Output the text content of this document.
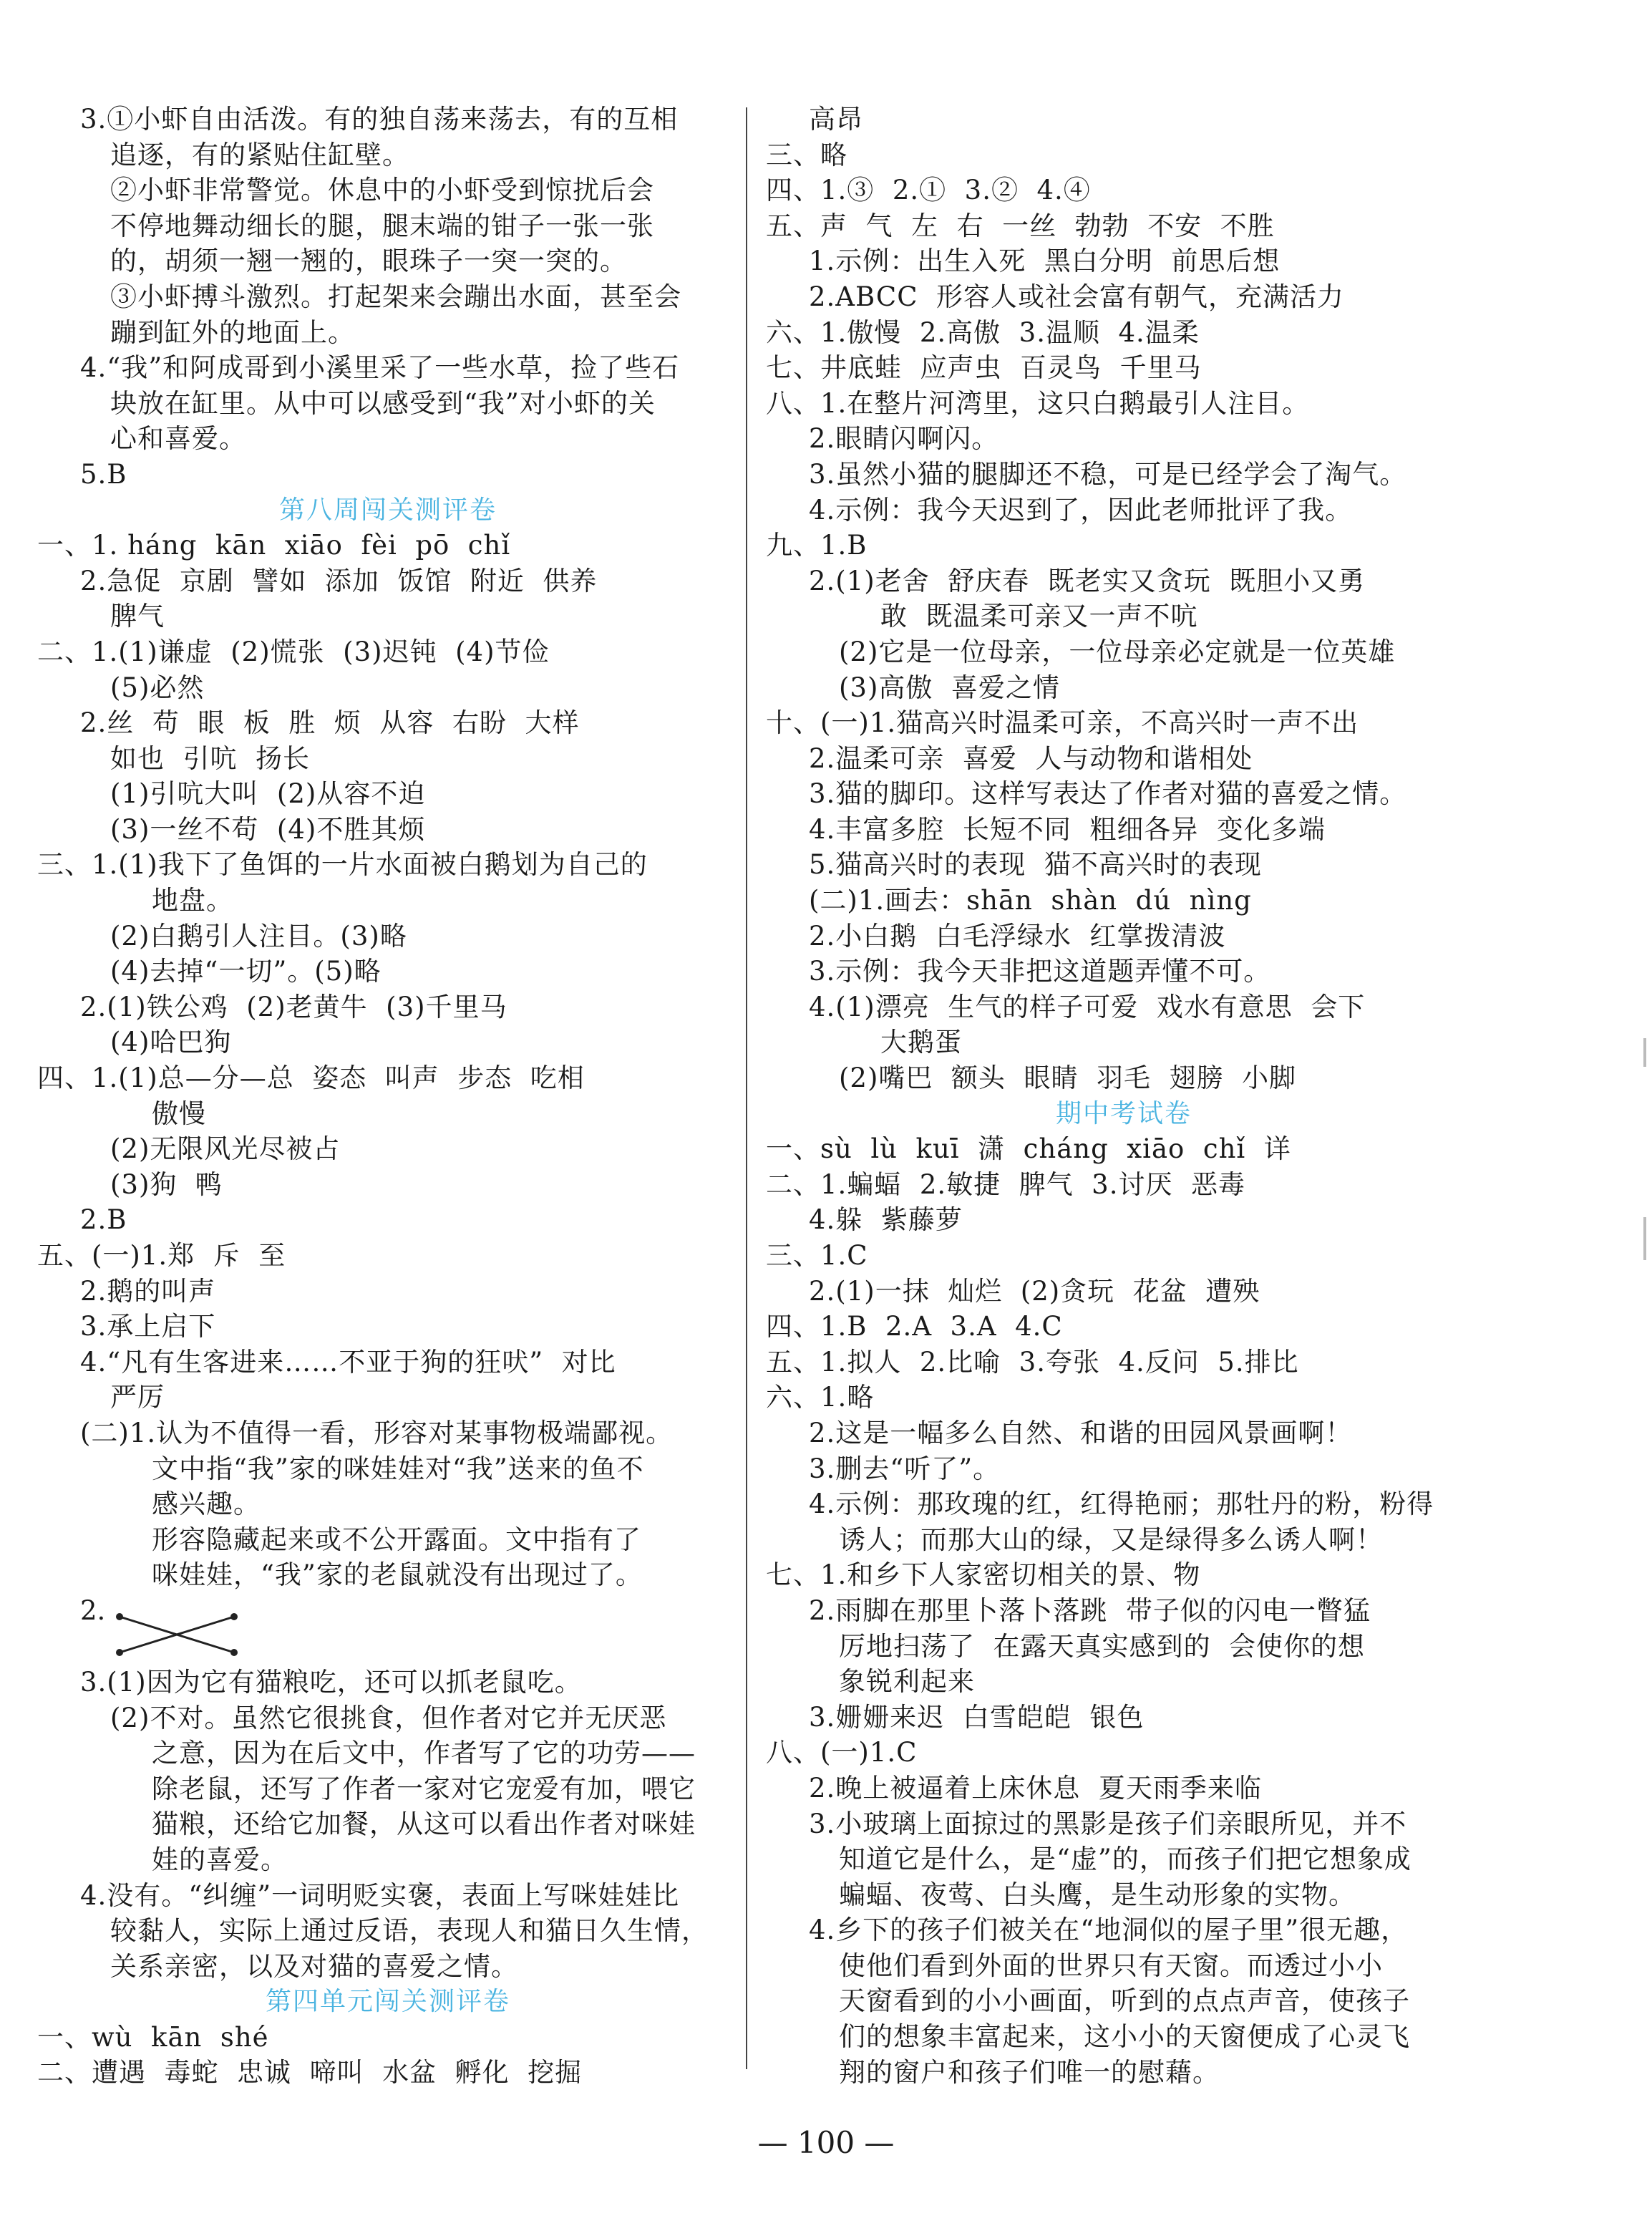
3.①小虾自由活泼。有的独自荡来荡去，有的互相
追逐，有的紧贴住缸壁。
②小虾非常警觉。休息中的小虾受到惊扰后会
不停地舞动细长的腿，腿末端的钳子一张一张
的，胡须一翘一翘的，眼珠子一突一突的。
③小虾搏斗激烈。打起架来会蹦出水面，甚至会
蹦到缸外的地面上。
4.“我”和阿成哥到小溪里采了一些水草，捡了些石
块放在缸里。从中可以感受到“我”对小虾的关
心和喜爱。
5.B
第八周闯关测评卷
一、1. háng  kān  xiāo  fèi  pō  chǐ
2.急促  京剧  譬如  添加  饭馆  附近  供养
脾气
二、1.(1)谦虚  (2)慌张  (3)迟钝  (4)节俭
(5)必然
2.丝  苟  眼  板  胜  烦  从容  右盼  大样
如也  引吭  扬长
(1)引吭大叫  (2)从容不迫
(3)一丝不苟  (4)不胜其烦
三、1.(1)我下了鱼饵的一片水面被白鹅划为自己的
地盘。
(2)白鹅引人注目。(3)略
(4)去掉“一切”。(5)略
2.(1)铁公鸡  (2)老黄牛  (3)千里马
(4)哈巴狗
四、1.(1)总—分—总  姿态  叫声  步态  吃相
傲慢
(2)无限风光尽被占
(3)狗  鸭
2.B
五、(一)1.郑  斥  至
2.鹅的叫声
3.承上启下
4.“凡有生客进来……不亚于狗的狂吠”  对比
严厉
(二)1.认为不值得一看，形容对某事物极端鄙视。
文中指“我”家的咪娃娃对“我”送来的鱼不
感兴趣。
形容隐藏起来或不公开露面。文中指有了
咪娃娃，“我”家的老鼠就没有出现过了。
2.
3.(1)因为它有猫粮吃，还可以抓老鼠吃。
(2)不对。虽然它很挑食，但作者对它并无厌恶
之意，因为在后文中，作者写了它的功劳——
除老鼠，还写了作者一家对它宠爱有加，喂它
猫粮，还给它加餐，从这可以看出作者对咪娃
娃的喜爱。
4.没有。“纠缠”一词明贬实褒，表面上写咪娃娃比
较黏人，实际上通过反语，表现人和猫日久生情，
关系亲密，以及对猫的喜爱之情。
第四单元闯关测评卷
一、wù  kān  shé
二、遭遇  毒蛇  忠诚  啼叫  水盆  孵化  挖掘
高昂
三、略
四、1.③  2.①  3.②  4.④
五、声  气  左  右  一丝  勃勃  不安  不胜
1.示例：出生入死  黑白分明  前思后想
2.ABCC  形容人或社会富有朝气，充满活力
六、1.傲慢  2.高傲  3.温顺  4.温柔
七、井底蛙  应声虫  百灵鸟  千里马
八、1.在整片河湾里，这只白鹅最引人注目。
2.眼睛闪啊闪。
3.虽然小猫的腿脚还不稳，可是已经学会了淘气。
4.示例：我今天迟到了，因此老师批评了我。
九、1.B
2.(1)老舍  舒庆春  既老实又贪玩  既胆小又勇
敢  既温柔可亲又一声不吭
(2)它是一位母亲，一位母亲必定就是一位英雄
(3)高傲  喜爱之情
十、(一)1.猫高兴时温柔可亲，不高兴时一声不出
2.温柔可亲  喜爱  人与动物和谐相处
3.猫的脚印。这样写表达了作者对猫的喜爱之情。
4.丰富多腔  长短不同  粗细各异  变化多端
5.猫高兴时的表现  猫不高兴时的表现
(二)1.画去：shān  shàn  dú  nìng
2.小白鹅  白毛浮绿水  红掌拨清波
3.示例：我今天非把这道题弄懂不可。
4.(1)漂亮  生气的样子可爱  戏水有意思  会下
大鹅蛋
(2)嘴巴  额头  眼睛  羽毛  翅膀  小脚
期中考试卷
一、sù  lù  kuī  潇  cháng  xiāo  chǐ  详
二、1.蝙蝠  2.敏捷  脾气  3.讨厌  恶毒
4.躲  紫藤萝
三、1.C
2.(1)一抹  灿烂  (2)贪玩  花盆  遭殃
四、1.B  2.A  3.A  4.C
五、1.拟人  2.比喻  3.夸张  4.反问  5.排比
六、1.略
2.这是一幅多么自然、和谐的田园风景画啊！
3.删去“听了”。
4.示例：那玫瑰的红，红得艳丽；那牡丹的粉，粉得
诱人；而那大山的绿，又是绿得多么诱人啊！
七、1.和乡下人家密切相关的景、物
2.雨脚在那里卜落卜落跳  带子似的闪电一瞥猛
厉地扫荡了  在露天真实感到的  会使你的想
象锐利起来
3.姗姗来迟  白雪皑皑  银色
八、(一)1.C
2.晚上被逼着上床休息  夏天雨季来临
3.小玻璃上面掠过的黑影是孩子们亲眼所见，并不
知道它是什么，是“虚”的，而孩子们把它想象成
蝙蝠、夜莺、白头鹰，是生动形象的实物。
4.乡下的孩子们被关在“地洞似的屋子里”很无趣，
使他们看到外面的世界只有天窗。而透过小小
天窗看到的小小画面，听到的点点声音，使孩子
们的想象丰富起来，这小小的天窗便成了心灵飞
翔的窗户和孩子们唯一的慰藉。
— 100 —
